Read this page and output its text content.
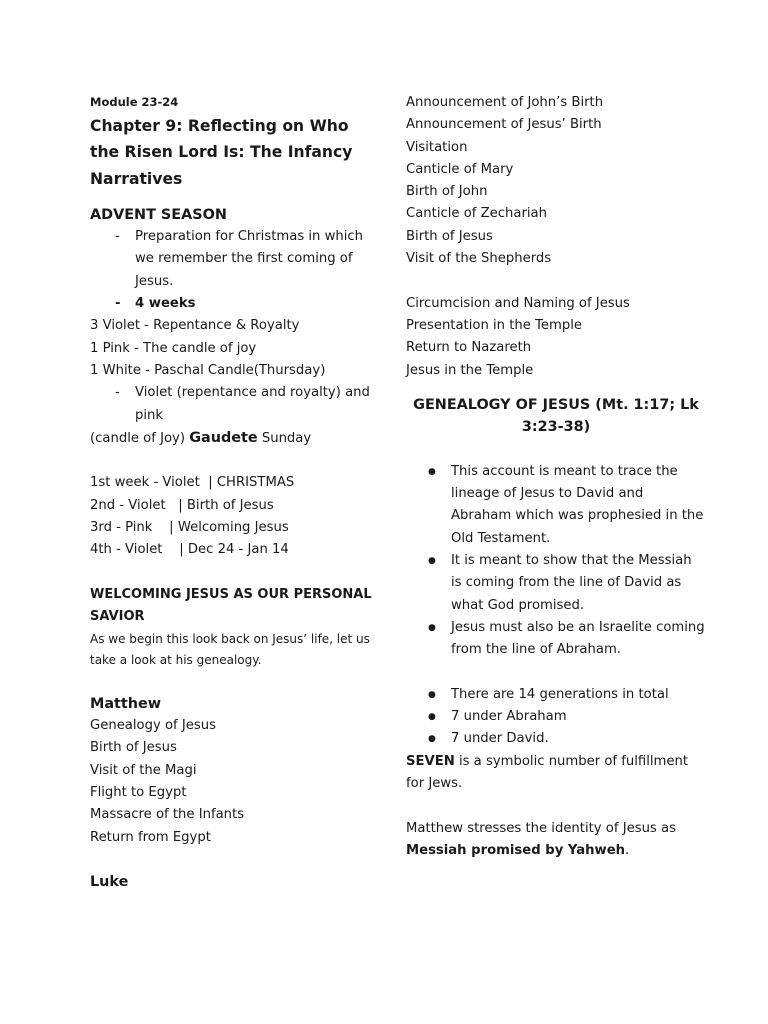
Module 23-24
Chapter 9: Reflecting on Who the Risen Lord Is: The Infancy Narratives
ADVENT SEASON
- Preparation for Christmas in which we remember the first coming of Jesus.
- 4 weeks
3 Violet - Repentance & Royalty
1 Pink - The candle of joy
1 White - Paschal Candle(Thursday)
- Violet (repentance and royalty) and pink
(candle of Joy) Gaudete Sunday
1st week - Violet  | CHRISTMAS
2nd - Violet   | Birth of Jesus
3rd - Pink    | Welcoming Jesus
4th - Violet    | Dec 24 - Jan 14
WELCOMING JESUS AS OUR PERSONAL SAVIOR
As we begin this look back on Jesus’ life, let us take a look at his genealogy.
Matthew
Genealogy of Jesus
Birth of Jesus
Visit of the Magi
Flight to Egypt
Massacre of the Infants
Return from Egypt
Luke
Announcement of John’s Birth
Announcement of Jesus’ Birth
Visitation
Canticle of Mary
Birth of John
Canticle of Zechariah
Birth of Jesus
Visit of the Shepherds
Circumcision and Naming of Jesus
Presentation in the Temple
Return to Nazareth
Jesus in the Temple
GENEALOGY OF JESUS (Mt. 1:17; Lk 3:23-38)
● This account is meant to trace the lineage of Jesus to David and Abraham which was prophesied in the Old Testament.
● It is meant to show that the Messiah is coming from the line of David as what God promised.
● Jesus must also be an Israelite coming from the line of Abraham.
● There are 14 generations in total
● 7 under Abraham
● 7 under David.
SEVEN is a symbolic number of fulfillment for Jews.
Matthew stresses the identity of Jesus as
Messiah promised by Yahweh.
